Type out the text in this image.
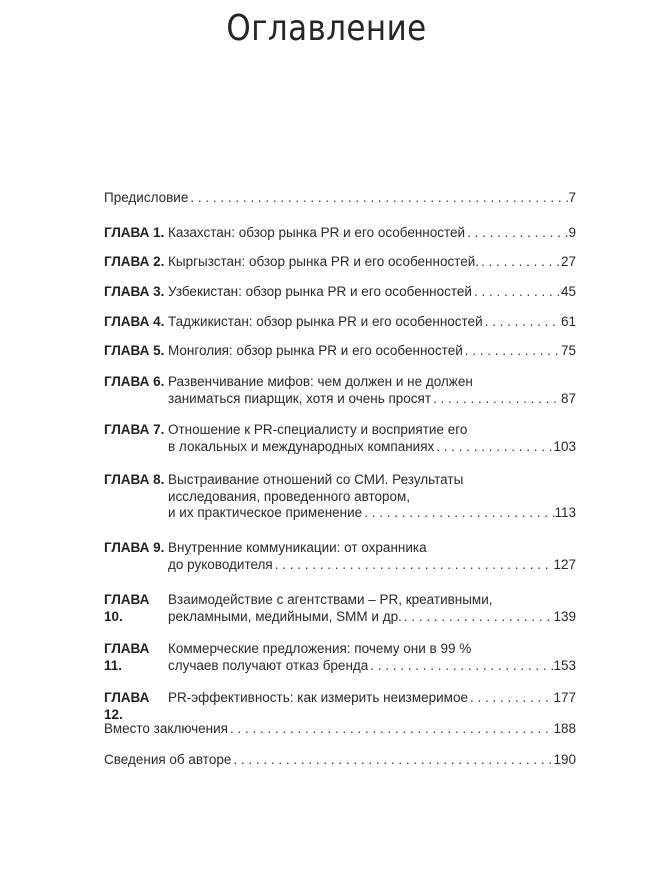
Оглавление
Предисловие . . .	7
ГЛАВА 1. Казахстан: обзор рынка PR и его особенностей . . .	9
ГЛАВА 2. Кыргызстан: обзор рынка PR и его особенностей. . . .	27
ГЛАВА 3. Узбекистан: обзор рынка PR и его особенностей . . .	45
ГЛАВА 4. Таджикистан: обзор рынка PR и его особенностей . . .	61
ГЛАВА 5. Монголия: обзор рынка PR и его особенностей . . .	75
ГЛАВА 6. Развенчивание мифов: чем должен и не должен
заниматься пиарщик, хотя и очень просят . . .	87
ГЛАВА 7. Отношение к PR-специалисту и восприятие его
в локальных и международных компаниях . . .	103
ГЛАВА 8. Выстраивание отношений со СМИ. Результаты
исследования, проведенного автором,
и их практическое применение . . .	113
ГЛАВА 9. Внутренние коммуникации: от охранника
до руководителя . . .	127
ГЛАВА 10.
Взаимодействие с агентствами – PR, креативными,
рекламными, медийными, SMM и др. . . .	139
ГЛАВА 11.
Коммерческие предложения: почему они в 99 %
случаев получают отказ бренда . . .	153
ГЛАВА 12.
PR-эффективность: как измерить неизмеримое . . .	177
Вместо заключения . . .	188
Сведения об авторе . . .	190
